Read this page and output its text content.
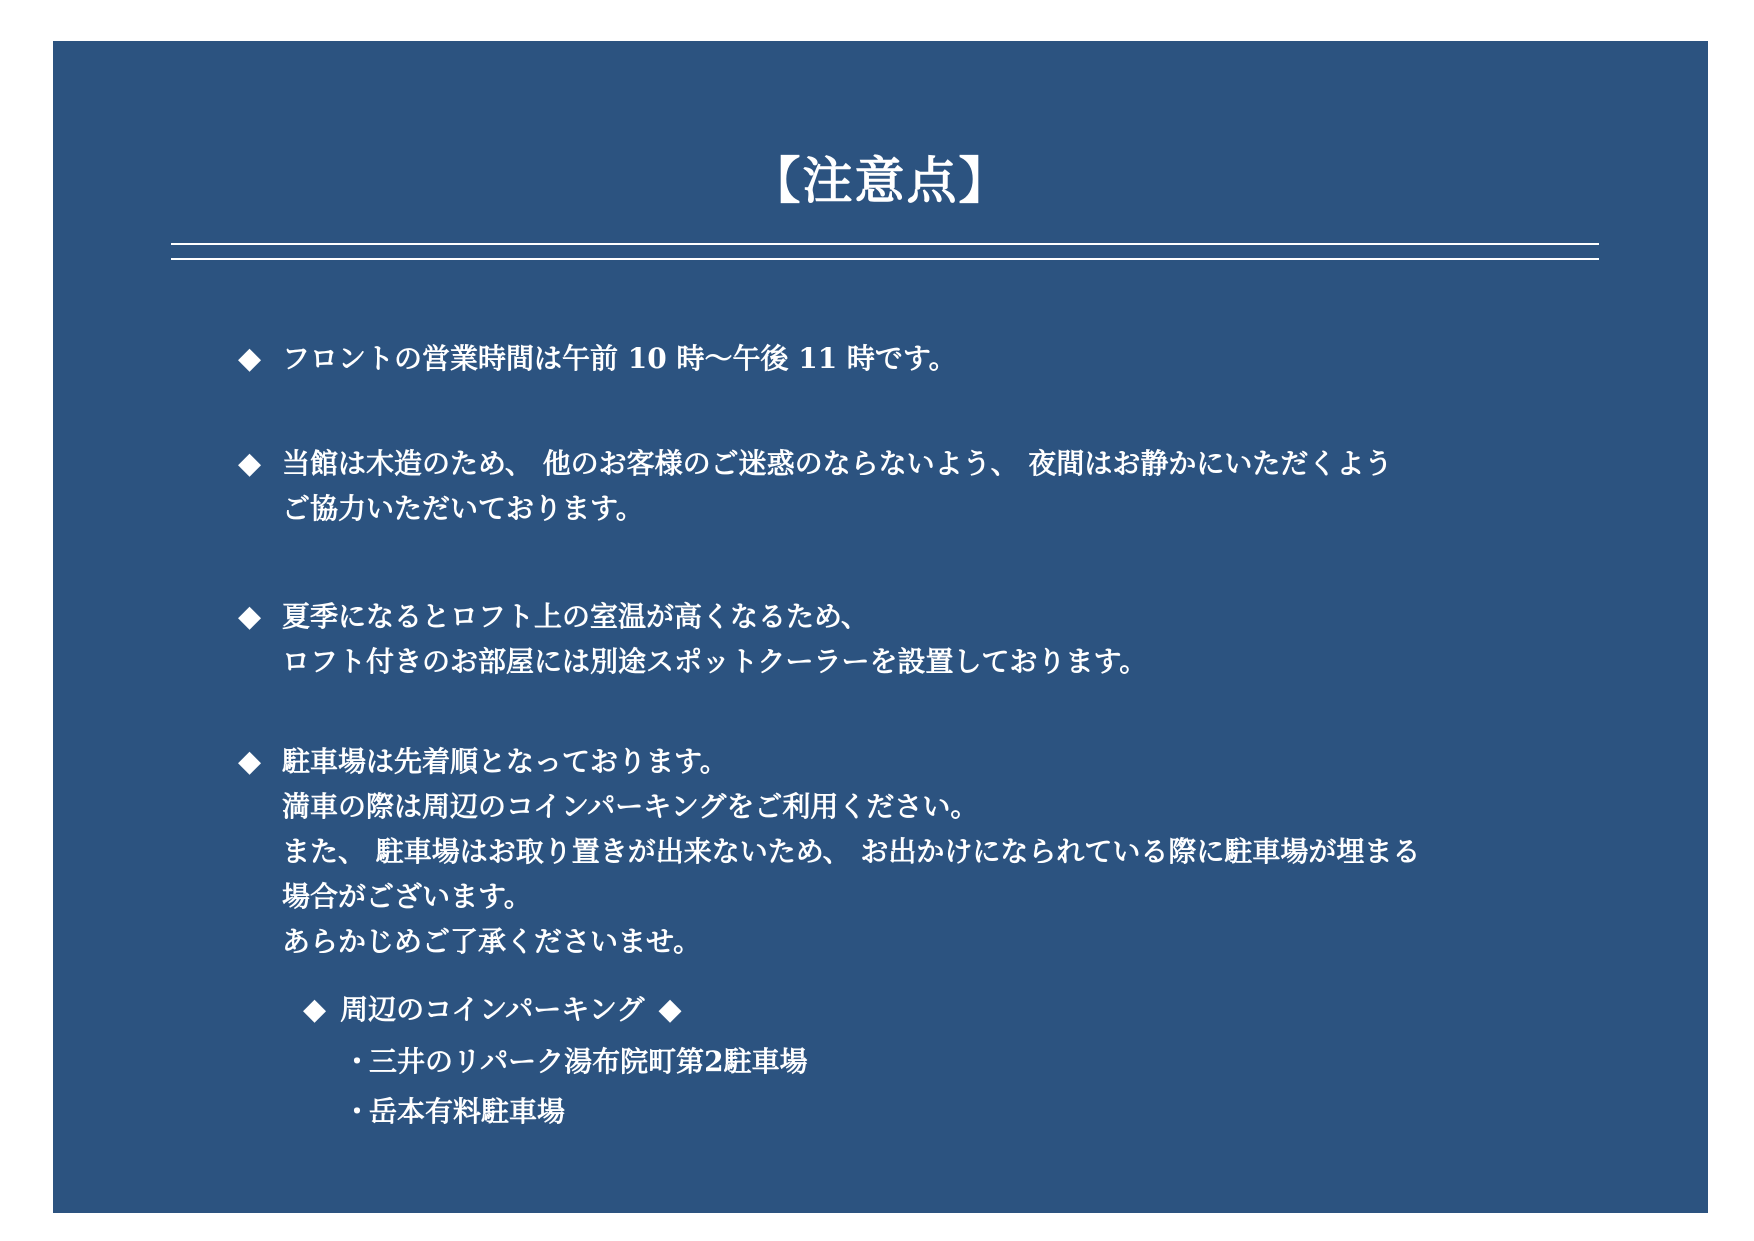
【注意点】
◆ フロントの営業時間は午前 10 時～午後 11 時です。
◆ 当館は木造のため、 他のお客様のご迷惑のならないよう、 夜間はお静かにいただくよう
ご協力いただいております。
◆ 夏季になるとロフト上の室温が高くなるため、
ロフト付きのお部屋には別途スポットクーラーを設置しております。
◆ 駐車場は先着順となっております。
満車の際は周辺のコインパーキングをご利用ください。
また、 駐車場はお取り置きが出来ないため、 お出かけになられている際に駐車場が埋まる
場合がございます。
あらかじめご了承くださいませ。
◆ 周辺のコインパーキング ◆
・三井のリパーク湯布院町第2駐車場
・岳本有料駐車場
